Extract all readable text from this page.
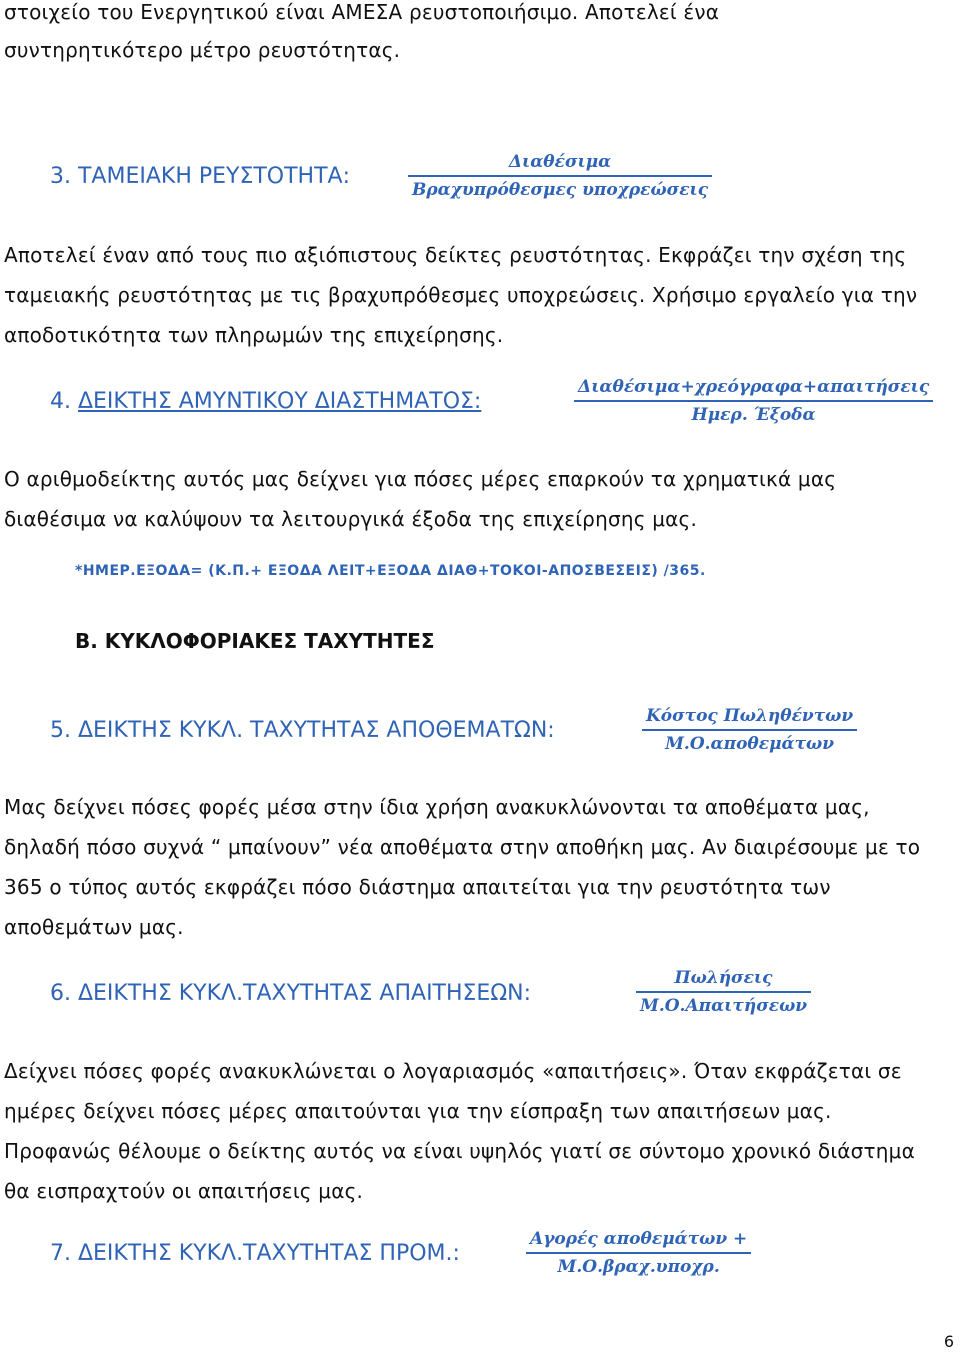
στοιχείο του Ενεργητικού είναι ΑΜΕΣΑ ρευστοποιήσιμο. Αποτελεί ένα
συντηρητικότερο μέτρο ρευστότητας.
3. ΤΑΜΕΙΑΚΗ ΡΕΥΣΤΟΤΗΤΑ:
Διαθέσιμα
Βραχυπρόθεσμες υποχρεώσεις
Αποτελεί έναν από τους πιο αξιόπιστους δείκτες ρευστότητας. Εκφράζει την σχέση της
ταμειακής ρευστότητας με τις βραχυπρόθεσμες υποχρεώσεις. Χρήσιμο εργαλείο για την
αποδοτικότητα των πληρωμών της επιχείρησης.
4. ΔΕΙΚΤΗΣ ΑΜΥΝΤΙΚΟΥ ΔΙΑΣΤΗΜΑΤΟΣ:
Διαθέσιμα+χρεόγραφα+απαιτήσεις
Ημερ. Έξοδα
Ο αριθμοδείκτης αυτός μας δείχνει για πόσες μέρες επαρκούν τα χρηματικά μας
διαθέσιμα να καλύψουν τα λειτουργικά έξοδα της επιχείρησης μας.
*ΗΜΕΡ.ΕΞΟΔΑ= (Κ.Π.+ ΕΞΟΔΑ ΛΕΙΤ+ΕΞΟΔΑ ΔΙΑΘ+ΤΟΚΟΙ-ΑΠΟΣΒΕΣΕΙΣ) /365.
Β. ΚΥΚΛΟΦΟΡΙΑΚΕΣ ΤΑΧΥΤΗΤΕΣ
5. ΔΕΙΚΤΗΣ ΚΥΚΛ. ΤΑΧΥΤΗΤΑΣ ΑΠΟΘΕΜΑΤΩΝ:
Κόστος Πωληθέντων
Μ.Ο.αποθεμάτων
Μας δείχνει πόσες φορές μέσα στην ίδια χρήση ανακυκλώνονται τα αποθέματα μας,
δηλαδή πόσο συχνά “ μπαίνουν” νέα αποθέματα στην αποθήκη μας. Αν διαιρέσουμε με το
365 ο τύπος αυτός εκφράζει πόσο διάστημα απαιτείται για την ρευστότητα των
αποθεμάτων μας.
6. ΔΕΙΚΤΗΣ ΚΥΚΛ.ΤΑΧΥΤΗΤΑΣ ΑΠΑΙΤΗΣΕΩΝ:
Πωλήσεις
Μ.Ο.Απαιτήσεων
Δείχνει πόσες φορές ανακυκλώνεται ο λογαριασμός «απαιτήσεις». Όταν εκφράζεται σε
ημέρες δείχνει πόσες μέρες απαιτούνται για την είσπραξη των απαιτήσεων μας.
Προφανώς θέλουμε ο δείκτης αυτός να είναι υψηλός γιατί σε σύντομο χρονικό διάστημα
θα εισπραχτούν οι απαιτήσεις μας.
7. ΔΕΙΚΤΗΣ ΚΥΚΛ.ΤΑΧΥΤΗΤΑΣ ΠΡΟΜ.:
Αγορές αποθεμάτων +
Μ.Ο.βραχ.υποχρ.
6
